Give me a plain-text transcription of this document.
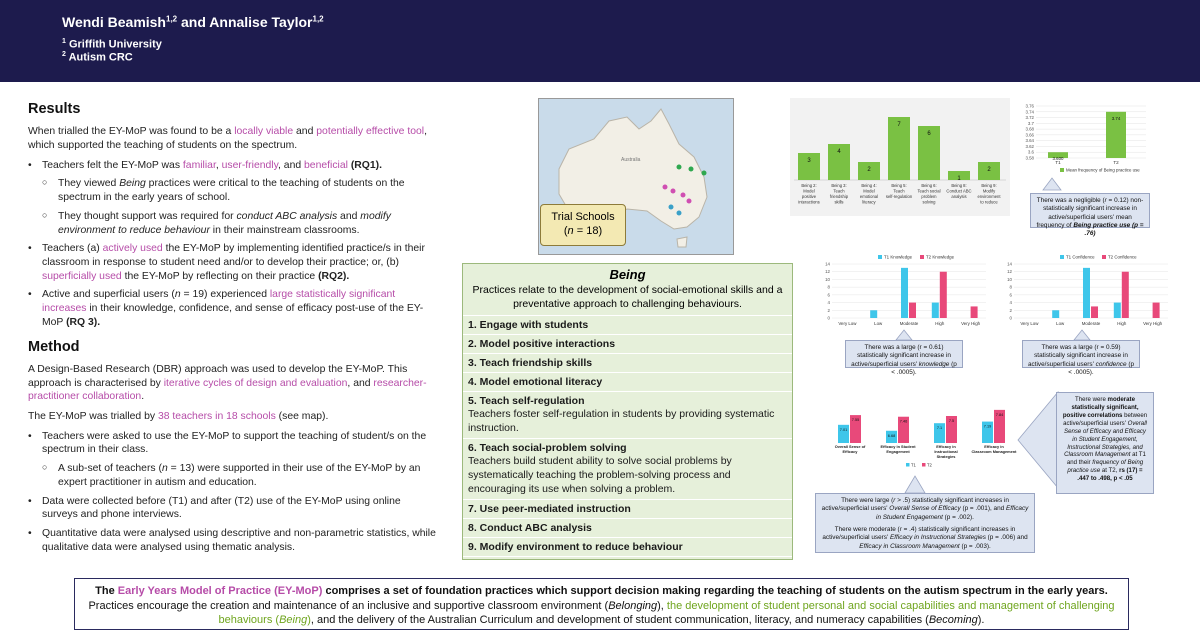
Wendi Beamish$^{1,2}$ and Annalise Taylor$^{1,2}$
$^1$ Griffith University
$^2$ Autism CRC
Results

When trialled the EY-MoP was found to be a locally viable and potentially effective tool, which supported the teaching of students on the spectrum.

• Teachers felt the EY-MoP was familiar, user-friendly, and beneficial (RQ1).
○ They viewed Being practices were critical to the teaching of students on the spectrum in the early years of school.
○ They thought support was required for conduct ABC analysis and modify environment to reduce behaviour in their mainstream classrooms.
• Teachers (a) actively used the EY-MoP by implementing identified practice/s in their classroom in response to student need and/or to develop their practice; or, (b) superficially used the EY-MoP by reflecting on their practice (RQ2).
• Active and superficial users (n = 19) experienced large statistically significant increases in their knowledge, confidence, and sense of efficacy post-use of the EY-MoP (RQ 3).
Method

A Design-Based Research (DBR) approach was used to develop the EY-MoP. This approach is characterised by iterative cycles of design and evaluation, and researcher-practitioner collaboration.

The EY-MoP was trialled by 38 teachers in 18 schools (see map).

• Teachers were asked to use the EY-MoP to support the teaching of student/s on the spectrum in their class.
○ A sub-set of teachers (n = 13) were supported in their use of the EY-MoP by an expert practitioner in autism and education.
• Data were collected before (T1) and after (T2) use of the EY-MoP using online surveys and phone interviews.
• Quantitative data were analysed using descriptive and non-parametric statistics, while qualitative data were analysed using thematic analysis.
Australia
Trial Schools
(n = 18)
Being
Practices relate to the development of social-emotional skills and a preventative approach to challenging behaviours.
1. Engage with students
2. Model positive interactions
3. Teach friendship skills
4. Model emotional literacy
5. Teach self-regulation
Teachers foster self-regulation in students by providing systematic instruction.
6. Teach social-problem solving
Teachers build student ability to solve social problems by systematically teaching the problem-solving process and encouraging its use when solving a problem.
7. Use peer-mediated instruction
8. Conduct ABC analysis
9. Modify environment to reduce behaviour
3
Being 2:
Model
positive
interactions
4
Being 3:
Teach
friendship
skills
2
Being 4:
Model
emotional
literacy
7
Being 5:
Teach
self-regulation
6
Being 6:
Teach social
problem
solving
1
Being 8:
Conduct ABC
analysis
2
Being 9:
Modify
environment
to reduce
3.76
3.74
3.72
3.7
3.68
3.66
3.64
3.62
3.6
3.58	3.600
T1
3.74
T2
Mean frequency of Being practice use
There was a negligible (r = 0.12) non-statistically significant increase in active/superficial users' mean frequency of Being practice use (p = .76)
0
2
4
6
8
10
12
14
T1 Knowledge	T2 Knowledge
Very Low	Low	Moderate	High	Very High
There was a large (r = 0.61) statistically significant increase in active/superficial users' knowledge (p < .0005).
0
2
4
6
8
10
12
14
T1 Confidence	T2 Confidence
Very Low	Low	Moderate	High	Very High
There was a large (r = 0.59) statistically significant increase in active/superficial users' confidence (p < .0005).
7.01
7.55
Overall Sense of
Efficacy
6.68
7.46
Efficacy in Student
Engagement
7.1
7.5
Efficacy in
Instructional
Strategies
7.19
7.84
Efficacy in
Classroom Management
T1	T2
There were large (r > .5) statistically significant increases in active/superficial users' Overall Sense of Efficacy (p = .001), and Efficacy in Student Engagement (p = .002).
There were moderate (r = .4) statistically significant increases in active/superficial users' Efficacy in Instructional Strategies (p = .006) and Efficacy in Classroom Management (p = .003).
There were moderate statistically significant, positive correlations between active/superficial users' Overall Sense of Efficacy and Efficacy in Student Engagement, Instructional Strategies, and Classroom Management at T1 and their frequency of Being practice use at T2, rs (17) = .447 to .498, p < .05
The Early Years Model of Practice (EY-MoP) comprises a set of foundation practices which support decision making regarding the teaching of students on the autism spectrum in the early years.
Practices encourage the creation and maintenance of an inclusive and supportive classroom environment (Belonging), the development of student personal and social capabilities and management of challenging behaviours (Being), and the delivery of the Australian Curriculum and development of student communication, literacy, and numeracy capabilities (Becoming).
